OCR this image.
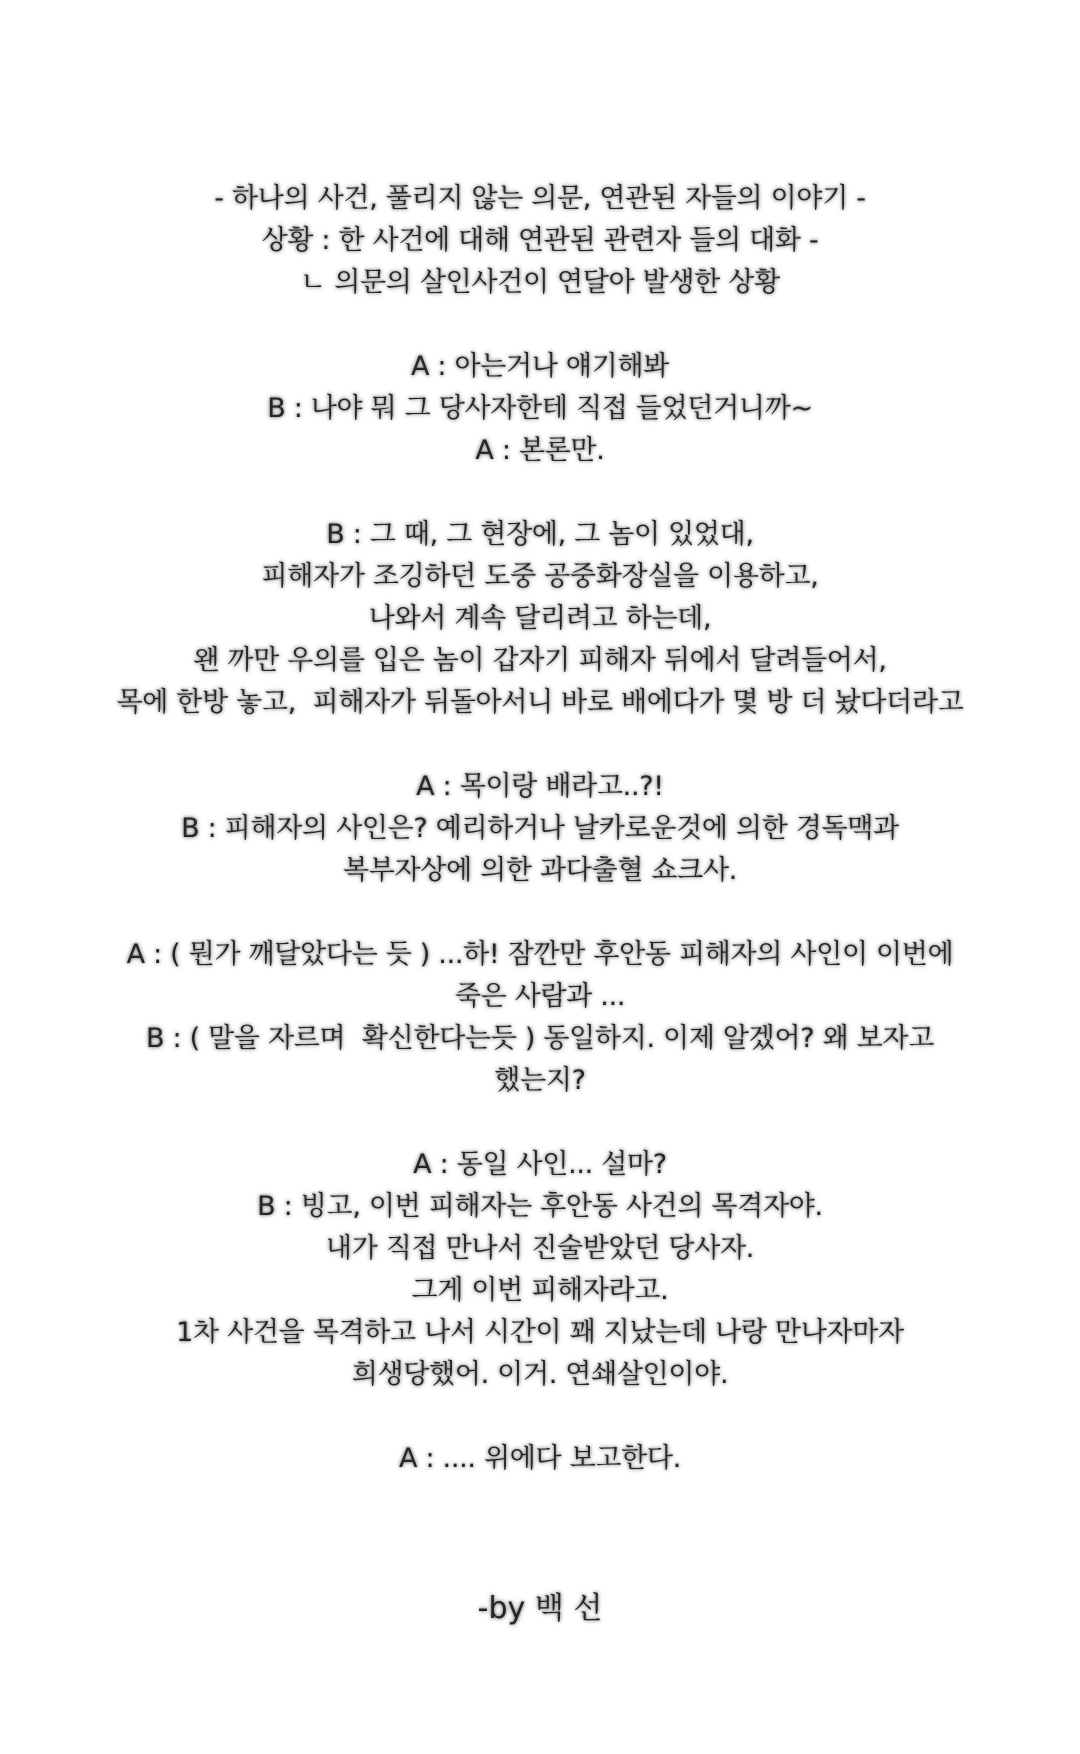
- 하나의 사건, 풀리지 않는 의문, 연관된 자들의 이야기 -
상황 : 한 사건에 대해 연관된 관련자 들의 대화 -
ㄴ 의문의 살인사건이 연달아 발생한 상황
A : 아는거나 얘기해봐
B : 나야 뭐 그 당사자한테 직접 들었던거니까~
A : 본론만.
B : 그 때, 그 현장에, 그 놈이 있었대,
피해자가 조깅하던 도중 공중화장실을 이용하고,
나와서 계속 달리려고 하는데,
왠 까만 우의를 입은 놈이 갑자기 피해자 뒤에서 달려들어서,
목에 한방 놓고,  피해자가 뒤돌아서니 바로 배에다가 몇 방 더 놨다더라고
A : 목이랑 배라고..?!
B : 피해자의 사인은? 예리하거나 날카로운것에 의한 경독맥과
복부자상에 의한 과다출혈 쇼크사.
A : ( 뭔가 깨달았다는 듯 ) ...하! 잠깐만 후안동 피해자의 사인이 이번에
죽은 사람과 ...
B : ( 말을 자르며  확신한다는듯 ) 동일하지. 이제 알겠어? 왜 보자고
했는지?
A : 동일 사인... 설마?
B : 빙고, 이번 피해자는 후안동 사건의 목격자야.
내가 직접 만나서 진술받았던 당사자.
그게 이번 피해자라고.
1차 사건을 목격하고 나서 시간이 꽤 지났는데 나랑 만나자마자
희생당했어. 이거. 연쇄살인이야.
A : .... 위에다 보고한다.
-by 백 선
